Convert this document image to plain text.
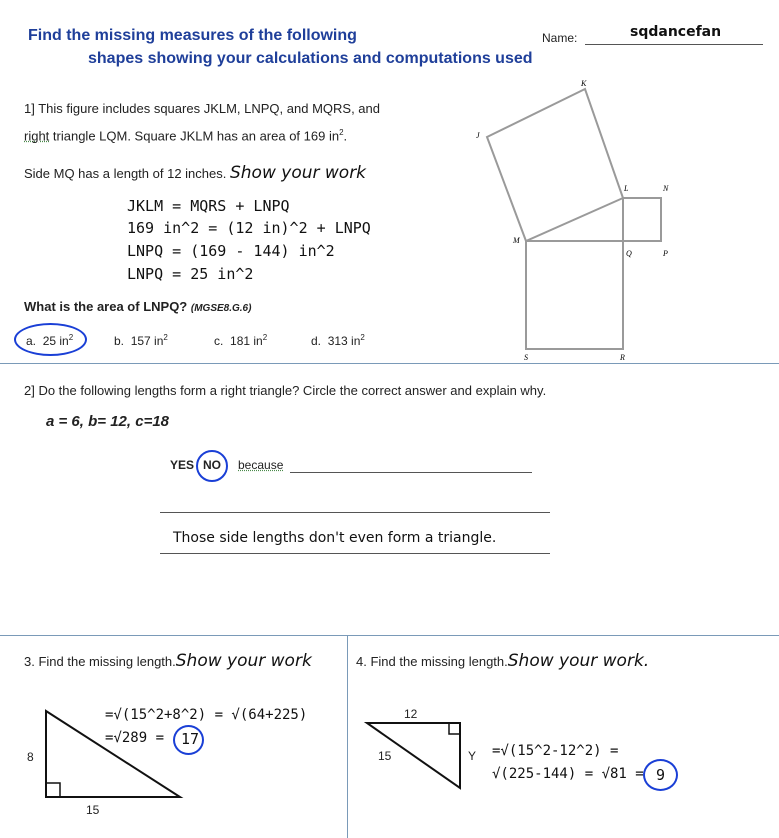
Find the missing measures of the following
shapes showing your calculations and computations used
Name:	sqdancefan
1] This figure includes squares JKLM, LNPQ, and MQRS, and
right triangle LQM. Square JKLM has an area of 169 $in^2$.
Side MQ has a length of 12 inches. Show your work
JKLM = MQRS + LNPQ
169 in^2 = (12 in)^2 + LNPQ
LNPQ = (169 - 144) in^2
LNPQ = 25 in^2
What is the area of LNPQ? (MGSE8.G.6)
a. 25 $in^2$	b. 157 $in^2$	c. 181 $in^2$	d. 313 $in^2$
K
J
L	N
M
Q	P
S	R
2] Do the following lengths form a right triangle? Circle the correct answer and explain why.
a = 6, b= 12, c=18
YES NO because
Those side lengths don't even form a triangle.
3. Find the missing length.Show your work
=√(15^2+8^2) = √(64+225)
=√289 = 17
8
15
4. Find the missing length.Show your work.
12
15	Y =√(15^2-12^2) =
√(225-144) = √81 = 9
